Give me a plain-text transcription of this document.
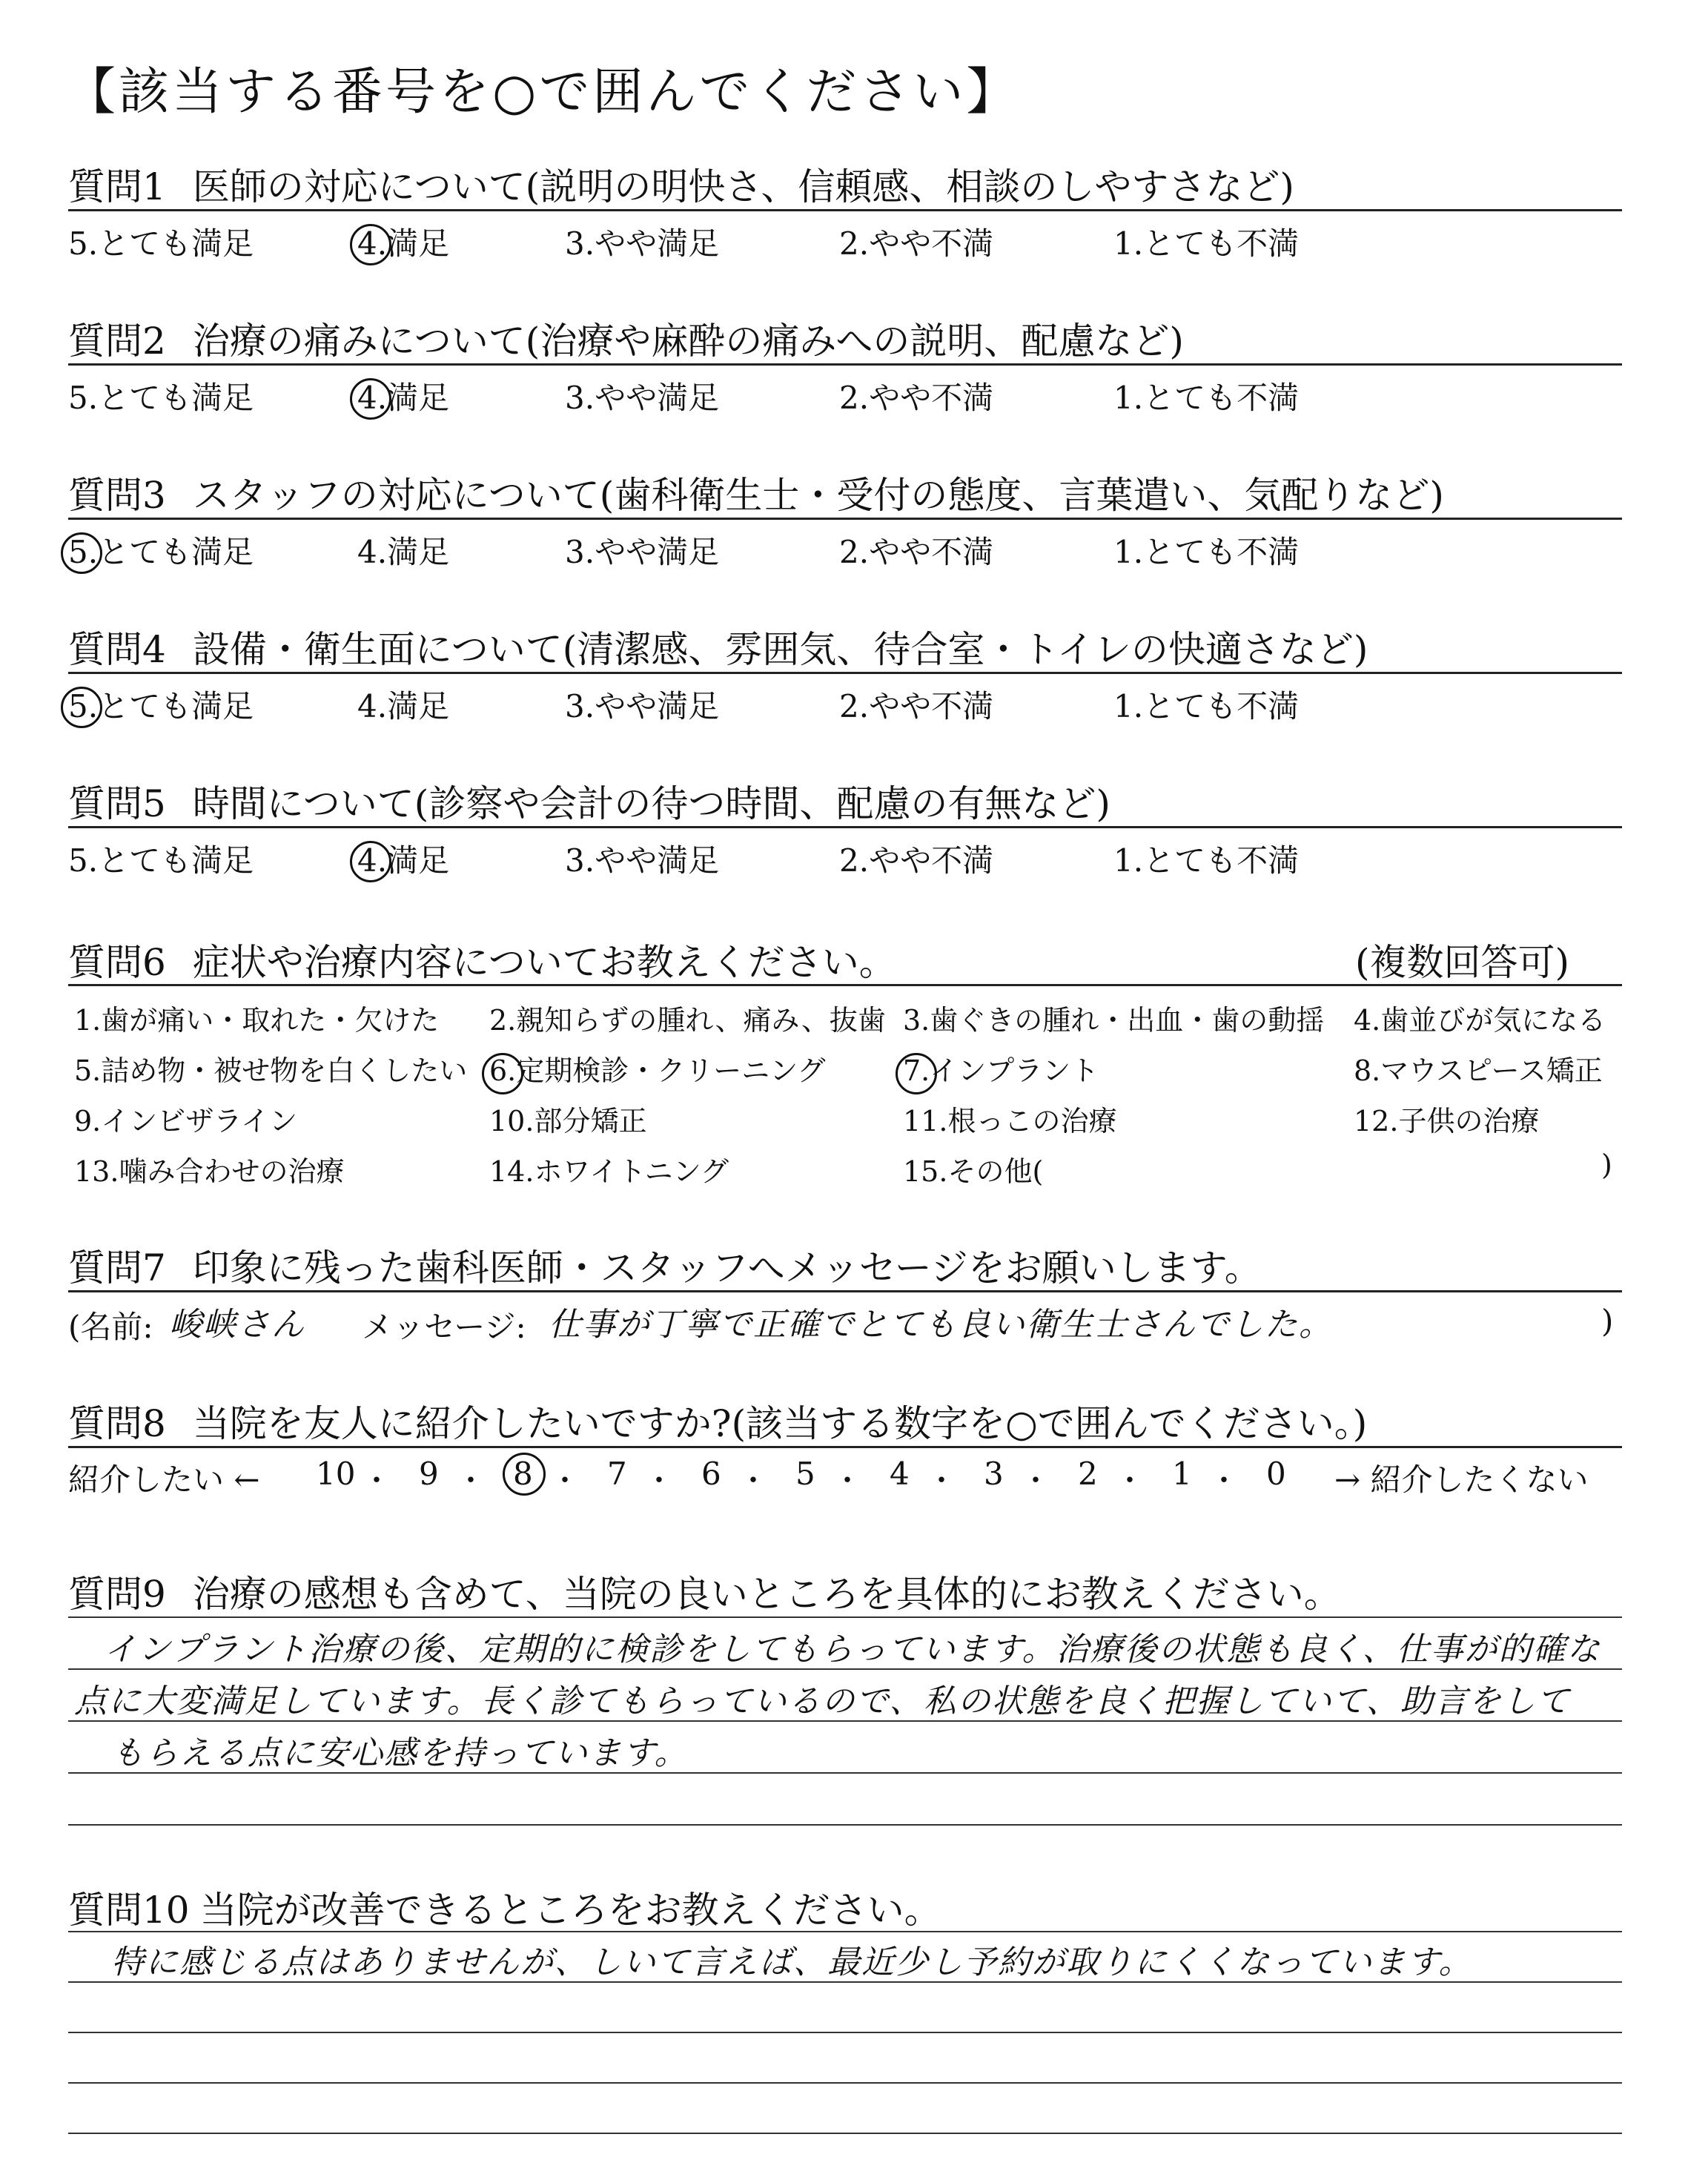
【該当する番号を○で囲んでください】
質問1 医師の対応について(説明の明快さ、信頼感、相談のしやすさなど)
5.とても満足	4.満足	3.やや満足	2.やや不満	1.とても不満
質問2 治療の痛みについて(治療や麻酔の痛みへの説明、配慮など)
5.とても満足	4.満足	3.やや満足	2.やや不満	1.とても不満
質問3 スタッフの対応について(歯科衛生士・受付の態度、言葉遣い、気配りなど)
5.とても満足	4.満足	3.やや満足	2.やや不満	1.とても不満
質問4 設備・衛生面について(清潔感、雰囲気、待合室・トイレの快適さなど)
5.とても満足	4.満足	3.やや満足	2.やや不満	1.とても不満
質問5 時間について(診察や会計の待つ時間、配慮の有無など)
5.とても満足	4.満足	3.やや満足	2.やや不満	1.とても不満
質問6 症状や治療内容についてお教えください。	(複数回答可)
1.歯が痛い・取れた・欠けた 2.親知らずの腫れ、痛み、抜歯 3.歯ぐきの腫れ・出血・歯の動揺 4.歯並びが気になる
5.詰め物・被せ物を白くしたい 6.定期検診・クリーニング	7.インプラント	8.マウスピース矯正
9.インビザライン	10.部分矯正	11.根っこの治療	12.子供の治療
13.噛み合わせの治療	14.ホワイトニング	15.その他(	)
質問7 印象に残った歯科医師・スタッフへメッセージをお願いします。
(名前: 峻峡さん メッセージ: 仕事が丁寧で正確でとても良い衛生士さんでした。	)
質問8 当院を友人に紹介したいですか?(該当する数字を○で囲んでください。)
紹介したい ← 10 ・ 9 ・ 8 ・ 7 ・ 6 ・ 5 ・ 4 ・ 3 ・ 2 ・ 1 ・ 0 → 紹介したくない
質問9 治療の感想も含めて、当院の良いところを具体的にお教えください。
インプラント治療の後、定期的に検診をしてもらっています。治療後の状態も良く、仕事が的確な
点に大変満足しています。長く診てもらっているので、私の状態を良く把握していて、助言をして
もらえる点に安心感を持っています。
質問10 当院が改善できるところをお教えください。
特に感じる点はありませんが、しいて言えば、最近少し予約が取りにくくなっています。
